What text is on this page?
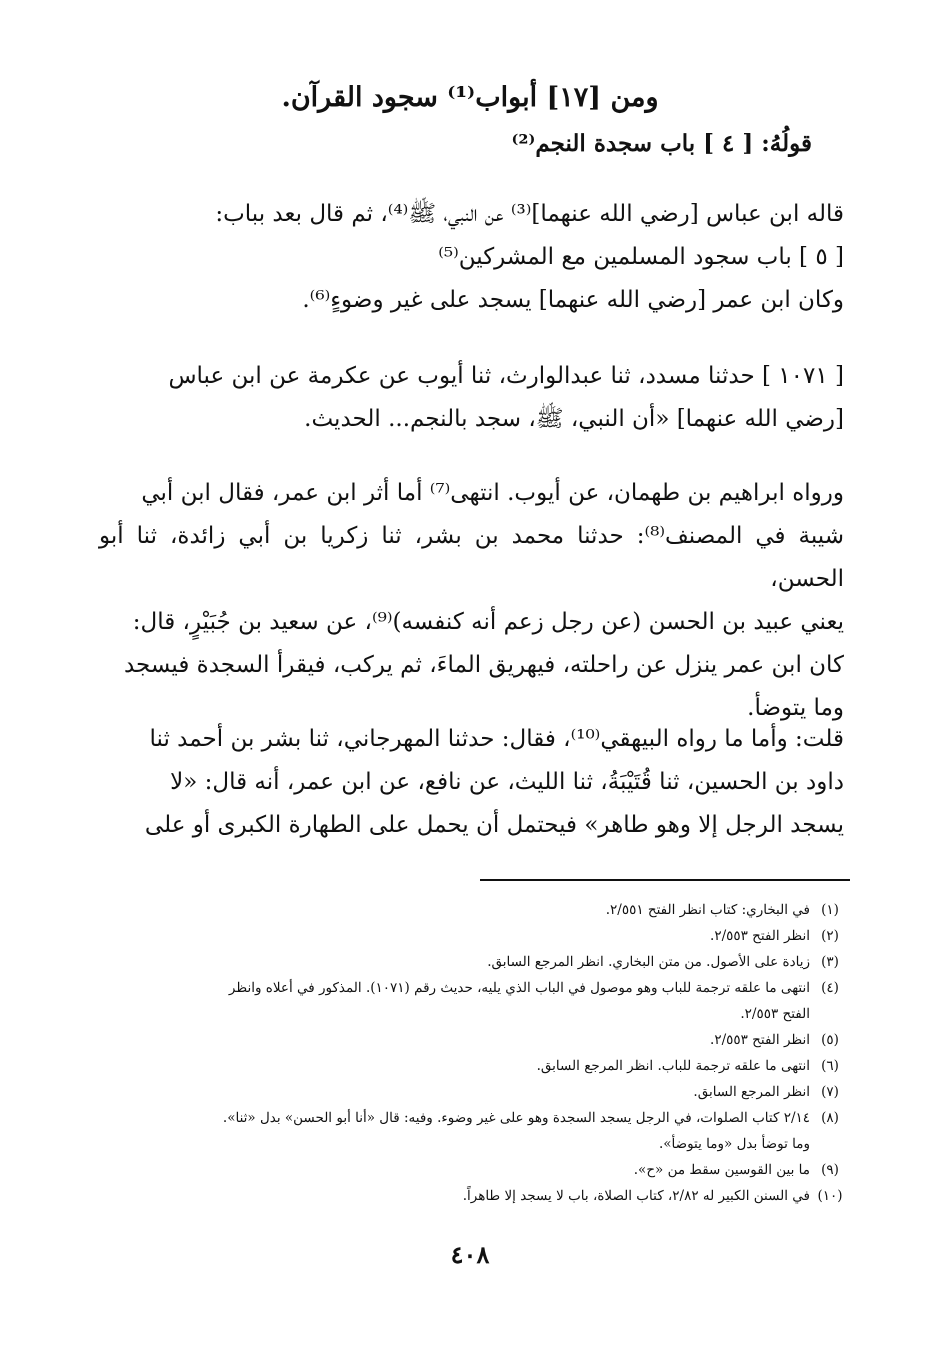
ومن [١٧] أبواب⁽¹⁾ سجود القرآن.
قولُهُ: [ ٤ ] باب سجدة النجم⁽²⁾

قاله ابن عباس [رضي الله عنهما]⁽³⁾ عن النبي، ﷺ⁽⁴⁾، ثم قال بعد بباب:

[ ٥ ] باب سجود المسلمين مع المشركين⁽⁵⁾

وكان ابن عمر [رضي الله عنهما] يسجد على غير وضوءٍ⁽⁶⁾.

[ ١٠٧١ ] حدثنا مسدد، ثنا عبدالوارث، ثنا أيوب عن عكرمة عن ابن عباس

[رضي الله عنهما] «أن النبي، ﷺ، سجد بالنجم... الحديث.

ورواه ابراهيم بن طهمان، عن أيوب. انتهى⁽⁷⁾ أما أثر ابن عمر، فقال ابن أبي

شيبة في المصنف⁽⁸⁾: حدثنا محمد بن بشر، ثنا زكريا بن أبي زائدة، ثنا أبو الحسن،

يعني عبيد بن الحسن (عن رجل زعم أنه كنفسه)⁽⁹⁾، عن سعيد بن جُبَيْرٍ، قال:

كان ابن عمر ينزل عن راحلته، فيهريق الماءَ، ثم يركب، فيقرأ السجدة فيسجد

وما يتوضأ.

قلت: وأما ما رواه البيهقي⁽¹⁰⁾، فقال: حدثنا المهرجاني، ثنا بشر بن أحمد ثنا

داود بن الحسين، ثنا قُتَيْبَةُ، ثنا الليث، عن نافع، عن ابن عمر، أنه قال: «لا

يسجد الرجل إلا وهو طاهر» فيحتمل أن يحمل على الطهارة الكبرى أو على

(١)
في البخاري: كتاب انظر الفتح ٢/٥٥١.
(٢)
انظر الفتح ٢/٥٥٣.
(٣)
زيادة على الأصول. من متن البخاري. انظر المرجع السابق.
(٤)
انتهى ما علقه ترجمة للباب وهو موصول في الباب الذي يليه، حديث رقم (١٠٧١). المذكور في أعلاه وانظر
الفتح ٢/٥٥٣.
(٥)
انظر الفتح ٢/٥٥٣.
(٦)
انتهى ما علقه ترجمة للباب. انظر المرجع السابق.
(٧)
انظر المرجع السابق.
(٨)
٢/١٤ كتاب الصلوات، في الرجل يسجد السجدة وهو على غير وضوء. وفيه: قال «أنا أبو الحسن» بدل «ثنا».
وما توضأ بدل «وما يتوضأ».
(٩)
ما بين القوسين سقط من «ح».
(١٠)
في السنن الكبير له ٢/٨٢، كتاب الصلاة، باب لا يسجد إلا طاهراً.
٤٠٨
